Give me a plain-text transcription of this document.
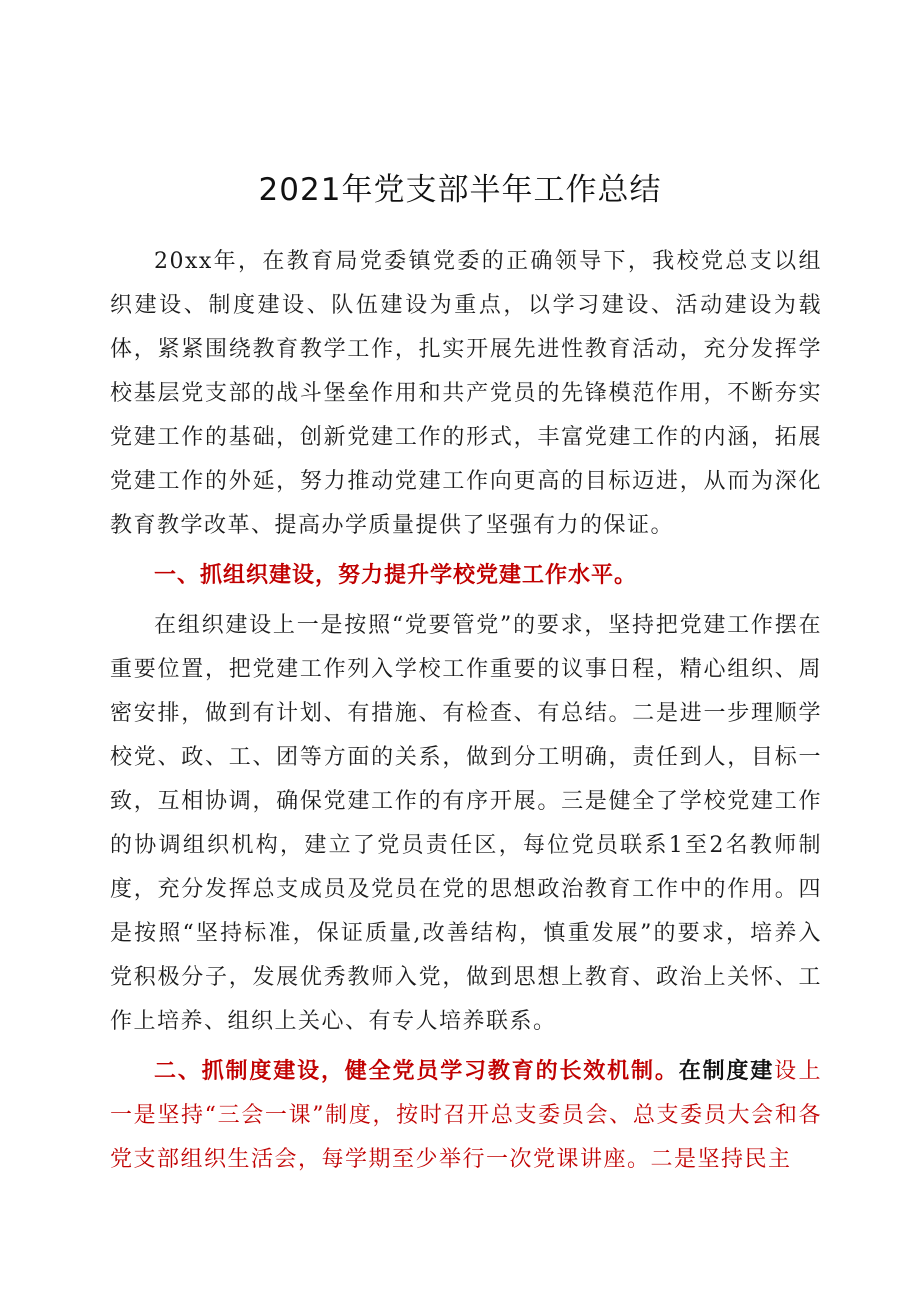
2021年党支部半年工作总结

20xx年，在教育局党委镇党委的正确领导下，我校党总支以组织建设、制度建设、队伍建设为重点，以学习建设、活动建设为载体，紧紧围绕教育教学工作，扎实开展先进性教育活动，充分发挥学校基层党支部的战斗堡垒作用和共产党员的先锋模范作用，不断夯实党建工作的基础，创新党建工作的形式，丰富党建工作的内涵，拓展党建工作的外延，努力推动党建工作向更高的目标迈进，从而为深化教育教学改革、提高办学质量提供了坚强有力的保证。

一、抓组织建设，努力提升学校党建工作水平。

在组织建设上一是按照“党要管党”的要求，坚持把党建工作摆在重要位置，把党建工作列入学校工作重要的议事日程，精心组织、周密安排，做到有计划、有措施、有检查、有总结。二是进一步理顺学校党、政、工、团等方面的关系，做到分工明确，责任到人，目标一致，互相协调，确保党建工作的有序开展。三是健全了学校党建工作的协调组织机构，建立了党员责任区，每位党员联系1至2名教师制度，充分发挥总支成员及党员在党的思想政治教育工作中的作用。四是按照“坚持标准，保证质量,改善结构，慎重发展”的要求，培养入党积极分子，发展优秀教师入党，做到思想上教育、政治上关怀、工作上培养、组织上关心、有专人培养联系。

二、抓制度建设，健全党员学习教育的长效机制。在制度建设上一是坚持“三会一课”制度，按时召开总支委员会、总支委员大会和各党支部组织生活会，每学期至少举行一次党课讲座。二是坚持民主
